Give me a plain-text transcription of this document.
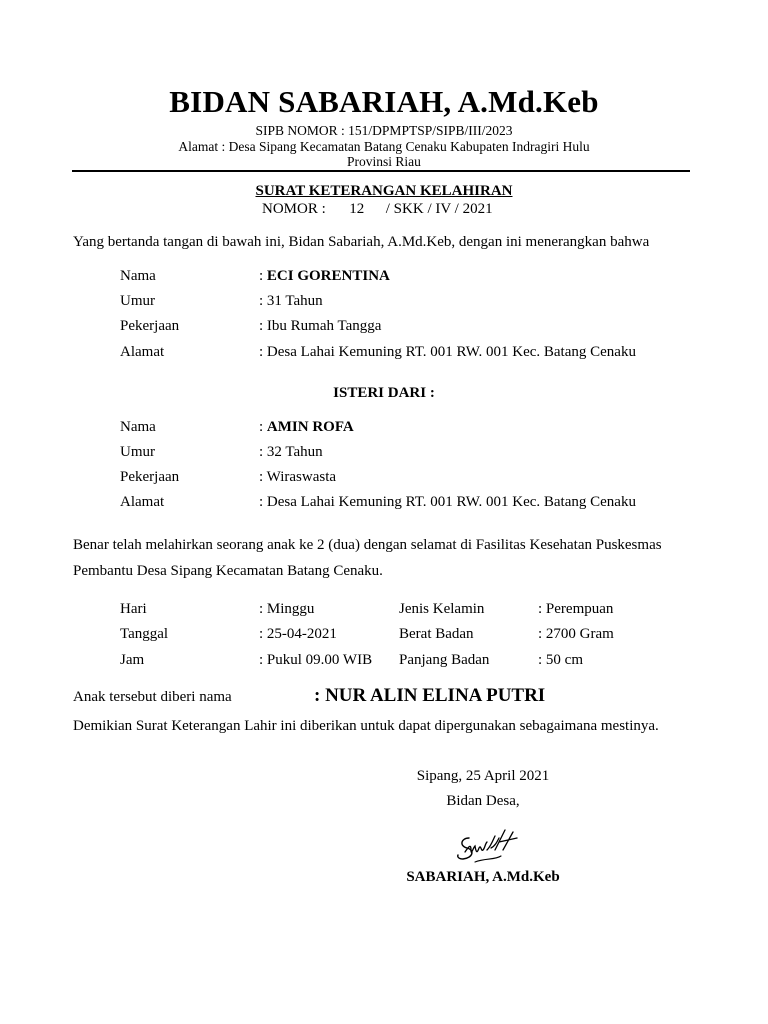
BIDAN SABARIAH, A.Md.Keb
SIPB NOMOR : 151/DPMPTSP/SIPB/III/2023
Alamat : Desa Sipang Kecamatan Batang Cenaku Kabupaten Indragiri Hulu
Provinsi Riau
SURAT KETERANGAN KELAHIRAN
NOMOR : 12 / SKK / IV / 2021
Yang bertanda tangan di bawah ini, Bidan Sabariah, A.Md.Keb, dengan ini menerangkan bahwa
Nama	: ECI GORENTINA
Umur	: 31 Tahun
Pekerjaan	: Ibu Rumah Tangga
Alamat	: Desa Lahai Kemuning RT. 001 RW. 001 Kec. Batang Cenaku
ISTERI DARI :
Nama	: AMIN ROFA
Umur	: 32 Tahun
Pekerjaan	: Wiraswasta
Alamat	: Desa Lahai Kemuning RT. 001 RW. 001 Kec. Batang Cenaku
Benar telah melahirkan seorang anak ke 2 (dua) dengan selamat di Fasilitas Kesehatan Puskesmas
Pembantu Desa Sipang Kecamatan Batang Cenaku.
Hari	: Minggu	Jenis Kelamin	: Perempuan
Tanggal	: 25-04-2021	Berat Badan	: 2700 Gram
Jam	: Pukul 09.00 WIB Panjang Badan	: 50 cm
Anak tersebut diberi nama	: NUR ALIN ELINA PUTRI
Demikian Surat Keterangan Lahir ini diberikan untuk dapat dipergunakan sebagaimana mestinya.
Sipang, 25 April 2021
Bidan Desa,
SABARIAH, A.Md.Keb
